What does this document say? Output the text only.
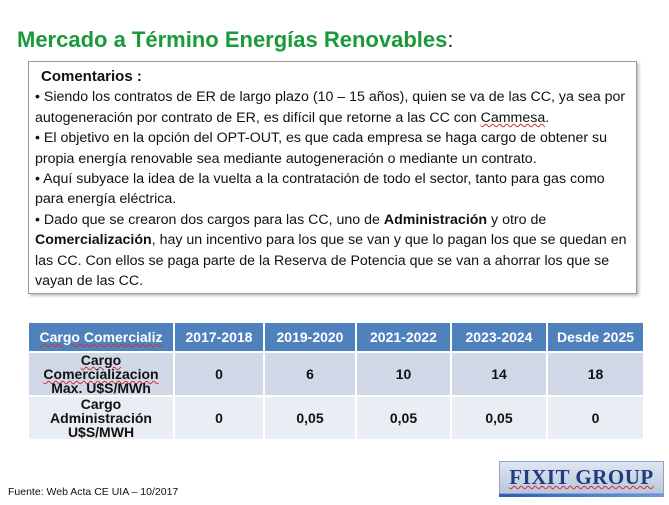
Mercado a Término Energías Renovables:
Comentarios :

• Siendo los contratos de ER de largo plazo (10 – 15 años), quien se va de las CC, ya sea por autogeneración por contrato de ER, es difícil que retorne a las CC con Cammesa.

• El objetivo en la opción del OPT-OUT, es que cada empresa se haga cargo de obtener su propia energía renovable sea mediante autogeneración o mediante un contrato.

• Aquí subyace la idea de la vuelta a la contratación de todo el sector, tanto para gas como para energía eléctrica.

• Dado que se crearon dos cargos para las CC, uno de Administración y otro de Comercialización, hay un incentivo para los que se van y que lo pagan los que se quedan en las CC. Con ellos se paga parte de la Reserva de Potencia que se van a ahorrar los que se vayan de las CC.

Cargo Comercializ	2017-2018	2019-2020	2021-2022	2023-2024	Desde 2025
Cargo Comercializacion
Max. U$S/MWh	0	6	10	14	18
Cargo Administración
U$S/MWH	0	0,05	0,05	0,05	0
Fuente: Web Acta CE UIA – 10/2017
FIXIT GROUP
